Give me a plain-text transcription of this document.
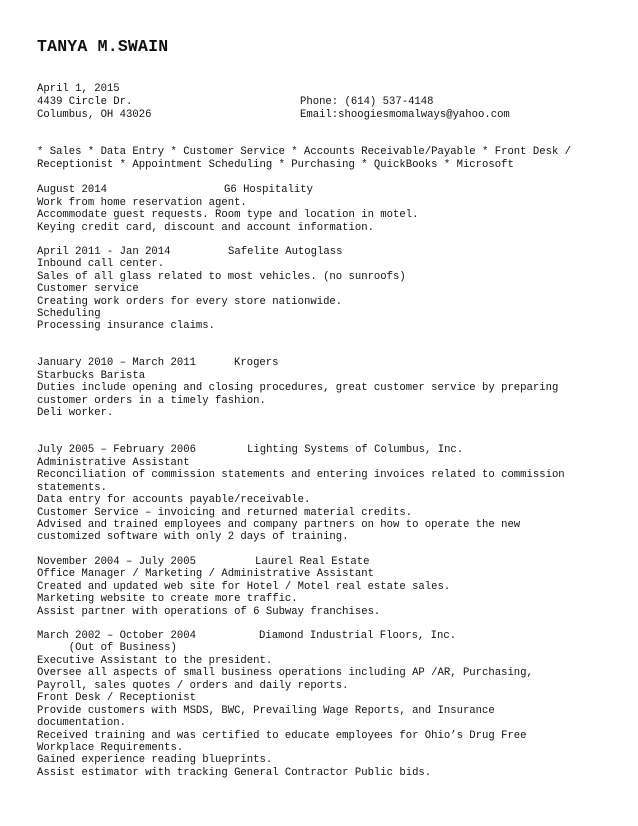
TANYA M.SWAIN
April 1, 2015
4439 Circle Dr.	Phone: (614) 537-4148
Columbus, OH 43026	Email:shoogiesmomalways@yahoo.com
* Sales * Data Entry * Customer Service * Accounts Receivable/Payable * Front Desk /
Receptionist * Appointment Scheduling * Purchasing * QuickBooks * Microsoft
August 2014	G6 Hospitality
Work from home reservation agent.
Accommodate guest requests. Room type and location in motel.
Keying credit card, discount and account information.
April 2011 - Jan 2014	Safelite Autoglass
Inbound call center.
Sales of all glass related to most vehicles. (no sunroofs)
Customer service
Creating work orders for every store nationwide.
Scheduling
Processing insurance claims.
January 2010 – March 2011	Krogers
Starbucks Barista
Duties include opening and closing procedures, great customer service by preparing
customer orders in a timely fashion.
Deli worker.
July 2005 – February 2006	Lighting Systems of Columbus, Inc.
Administrative Assistant
Reconciliation of commission statements and entering invoices related to commission
statements.
Data entry for accounts payable/receivable.
Customer Service – invoicing and returned material credits.
Advised and trained employees and company partners on how to operate the new
customized software with only 2 days of training.
November 2004 – July 2005	Laurel Real Estate
Office Manager / Marketing / Administrative Assistant
Created and updated web site for Hotel / Motel real estate sales.
Marketing website to create more traffic.
Assist partner with operations of 6 Subway franchises.
March 2002 – October 2004	Diamond Industrial Floors, Inc.
(Out of Business)
Executive Assistant to the president.
Oversee all aspects of small business operations including AP /AR, Purchasing,
Payroll, sales quotes / orders and daily reports.
Front Desk / Receptionist
Provide customers with MSDS, BWC, Prevailing Wage Reports, and Insurance
documentation.
Received training and was certified to educate employees for Ohio’s Drug Free
Workplace Requirements.
Gained experience reading blueprints.
Assist estimator with tracking General Contractor Public bids.
